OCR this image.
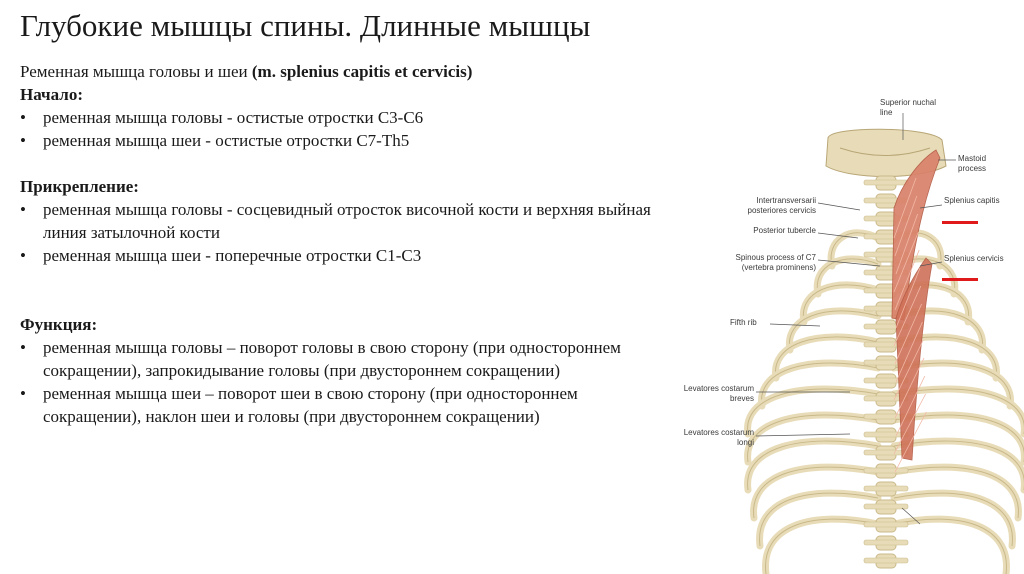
Глубокие мышцы спины. Длинные мышцы

Ременная мышца головы и шеи (m. splenius capitis et cervicis)

Начало:

• ременная мышца головы - остистые отростки С3-С6
• ременная мышца шеи - остистые отростки С7-Th5

Прикрепление:

• ременная мышца головы - сосцевидный отросток височной кости и верхняя выйная линия затылочной кости
• ременная мышца шеи - поперечные отростки С1-С3

Функция:

• ременная мышца головы – поворот головы в свою сторону (при одностороннем сокращении), запрокидывание головы (при двустороннем сокращении)
• ременная мышца шеи – поворот шеи в свою сторону (при одностороннем сокращении), наклон шеи и головы (при двустороннем сокращении)
Superior nuchal line
Mastoid process
Intertransversarii posteriores cervicis
Posterior tubercle
Spinous process of C7 (vertebra prominens)
Splenius capitis
Splenius cervicis
Fifth rib
Levatores costarum breves
Levatores costarum longi
